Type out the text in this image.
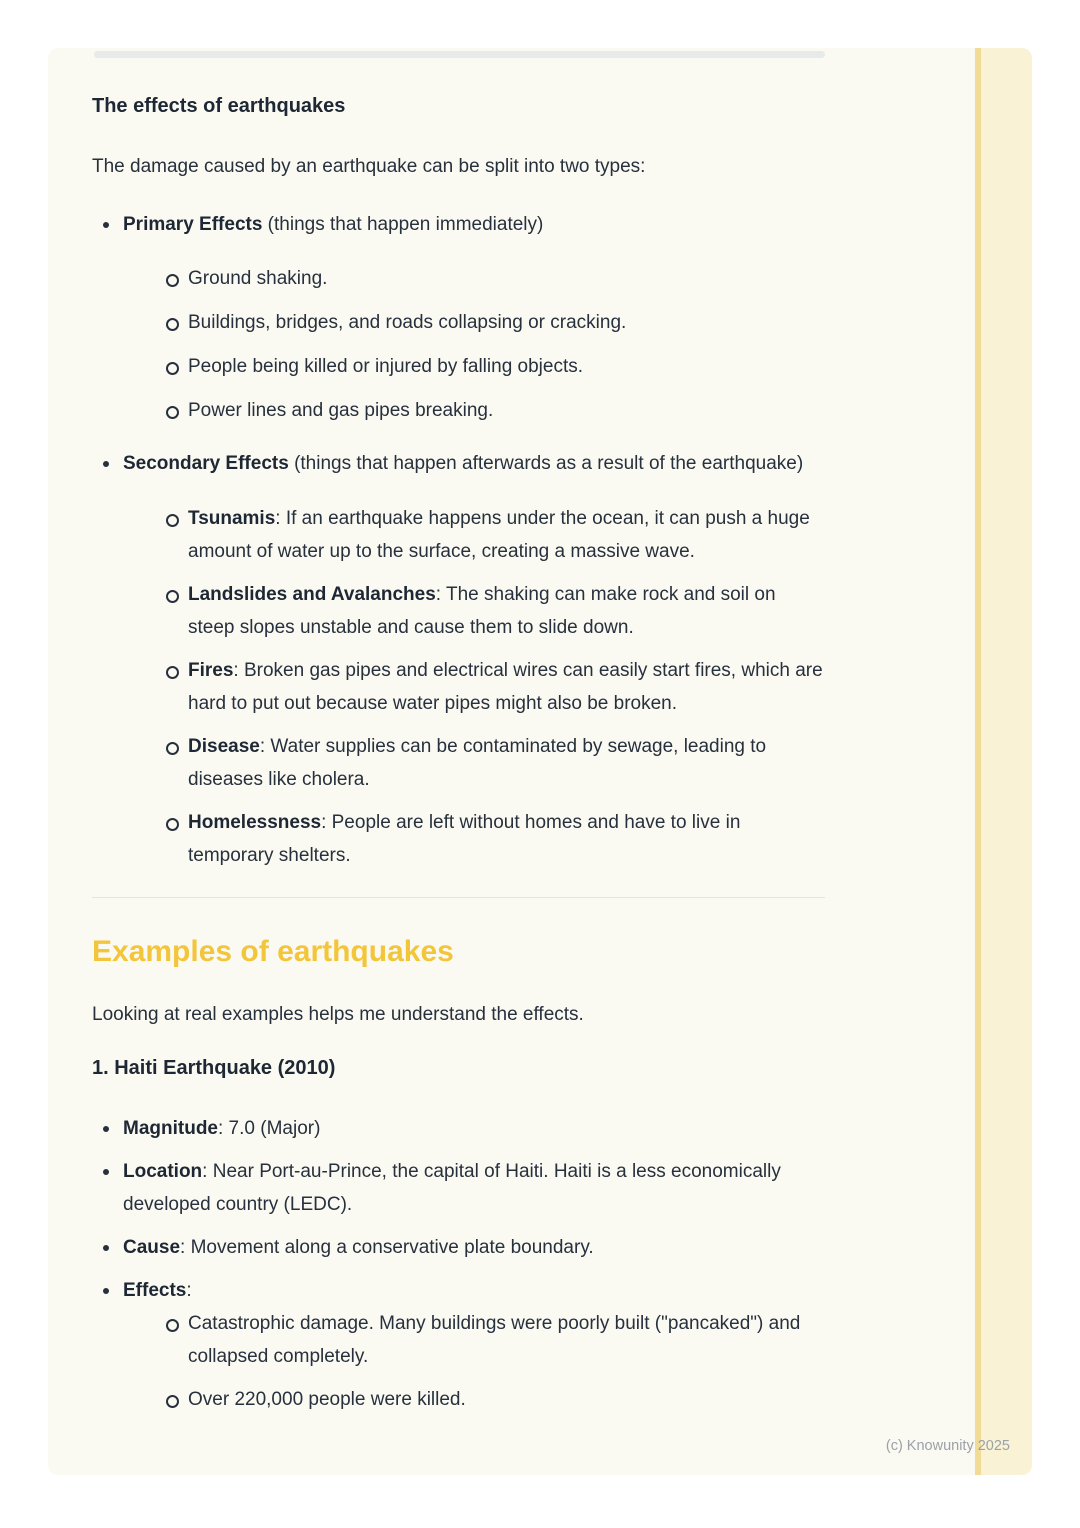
The effects of earthquakes

The damage caused by an earthquake can be split into two types:

Primary Effects (things that happen immediately)
Ground shaking.
Buildings, bridges, and roads collapsing or cracking.
People being killed or injured by falling objects.
Power lines and gas pipes breaking.
Secondary Effects (things that happen afterwards as a result of the earthquake)
Tsunamis: If an earthquake happens under the ocean, it can push a huge amount of water up to the surface, creating a massive wave.
Landslides and Avalanches: The shaking can make rock and soil on steep slopes unstable and cause them to slide down.
Fires: Broken gas pipes and electrical wires can easily start fires, which are hard to put out because water pipes might also be broken.
Disease: Water supplies can be contaminated by sewage, leading to diseases like cholera.
Homelessness: People are left without homes and have to live in temporary shelters.
Examples of earthquakes

Looking at real examples helps me understand the effects.

1. Haiti Earthquake (2010)
Magnitude: 7.0 (Major)
Location: Near Port-au-Prince, the capital of Haiti. Haiti is a less economically developed country (LEDC).
Cause: Movement along a conservative plate boundary.
Effects:
Catastrophic damage. Many buildings were poorly built ("pancaked") and collapsed completely.
Over 220,000 people were killed.
(c) Knowunity 2025
